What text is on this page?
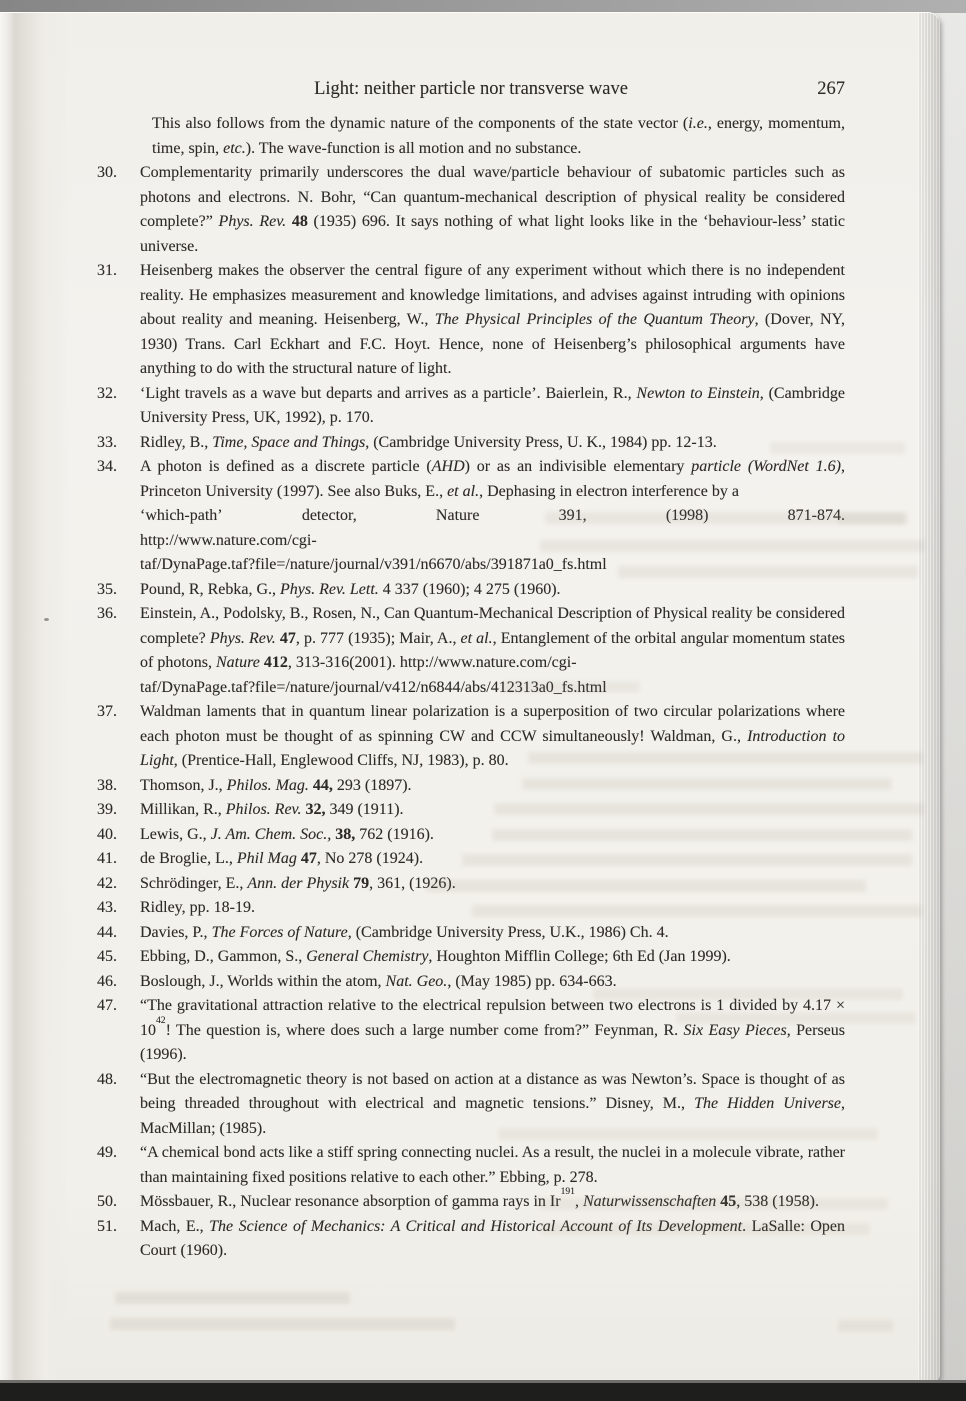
Light: neither particle nor transverse wave	267
This also follows from the dynamic nature of the components of the state vector (i.e., energy, momentum, time, spin, etc.). The wave-function is all motion and no substance.
30.	Complementarity primarily underscores the dual wave/particle behaviour of subatomic particles such as photons and electrons. N. Bohr, “Can quantum-mechanical description of physical reality be considered complete?” Phys. Rev. 48 (1935) 696. It says nothing of what light looks like in the ‘behaviour-less’ static universe.
31.	Heisenberg makes the observer the central figure of any experiment without which there is no independent reality. He emphasizes measurement and knowledge limitations, and advises against intruding with opinions about reality and meaning. Heisenberg, W., The Physical Principles of the Quantum Theory, (Dover, NY, 1930) Trans. Carl Eckhart and F.C. Hoyt. Hence, none of Heisenberg’s philosophical arguments have anything to do with the structural nature of light.
32.	‘Light travels as a wave but departs and arrives as a particle’. Baierlein, R., Newton to Einstein, (Cambridge University Press, UK, 1992), p. 170.
33.	Ridley, B., Time, Space and Things, (Cambridge University Press, U. K., 1984) pp. 12-13.
34.	A photon is defined as a discrete particle (AHD) or as an indivisible elementary particle (WordNet 1.6), Princeton University (1997). See also Buks, E., et al., Dephasing in electron interference by a
‘which-path’	detector,	Nature	391,	(1998)	871-874.
http://www.nature.com/cgi-
taf/DynaPage.taf?file=/nature/journal/v391/n6670/abs/391871a0_fs.html
35.	Pound, R, Rebka, G., Phys. Rev. Lett. 4 337 (1960); 4 275 (1960).
36.	Einstein, A., Podolsky, B., Rosen, N., Can Quantum-Mechanical Description of Physical reality be considered complete? Phys. Rev. 47, p. 777 (1935); Mair, A., et al., Entanglement of the orbital angular momentum states of photons, Nature 412, 313-316(2001). http://www.nature.com/cgi-
taf/DynaPage.taf?file=/nature/journal/v412/n6844/abs/412313a0_fs.html
37.	Waldman laments that in quantum linear polarization is a superposition of two circular polarizations where each photon must be thought of as spinning CW and CCW simultaneously! Waldman, G., Introduction to Light, (Prentice-Hall, Englewood Cliffs, NJ, 1983), p. 80.
38.	Thomson, J., Philos. Mag. 44, 293 (1897).
39.	Millikan, R., Philos. Rev. 32, 349 (1911).
40.	Lewis, G., J. Am. Chem. Soc., 38, 762 (1916).
41.	de Broglie, L., Phil Mag 47, No 278 (1924).
42.	Schrödinger, E., Ann. der Physik 79, 361, (1926).
43.	Ridley, pp. 18-19.
44.	Davies, P., The Forces of Nature, (Cambridge University Press, U.K., 1986) Ch. 4.
45.	Ebbing, D., Gammon, S., General Chemistry, Houghton Mifflin College; 6th Ed (Jan 1999).
46.	Boslough, J., Worlds within the atom, Nat. Geo., (May 1985) pp. 634-663.
47.	“The gravitational attraction relative to the electrical repulsion between two electrons is 1 divided by $4.17 \times 10^{42}$! The question is, where does such a large number come from?” Feynman, R. Six Easy Pieces, Perseus (1996).
48.	“But the electromagnetic theory is not based on action at a distance as was Newton’s. Space is thought of as being threaded throughout with electrical and magnetic tensions.” Disney, M., The Hidden Universe, MacMillan; (1985).
49.	“A chemical bond acts like a stiff spring connecting nuclei. As a result, the nuclei in a molecule vibrate, rather than maintaining fixed positions relative to each other.” Ebbing, p. 278.
50.	Mössbauer, R., Nuclear resonance absorption of gamma rays in Ir$^{191}$, Naturwissenschaften 45, 538 (1958).
51.	Mach, E., The Science of Mechanics: A Critical and Historical Account of Its Development. LaSalle: Open Court (1960).
